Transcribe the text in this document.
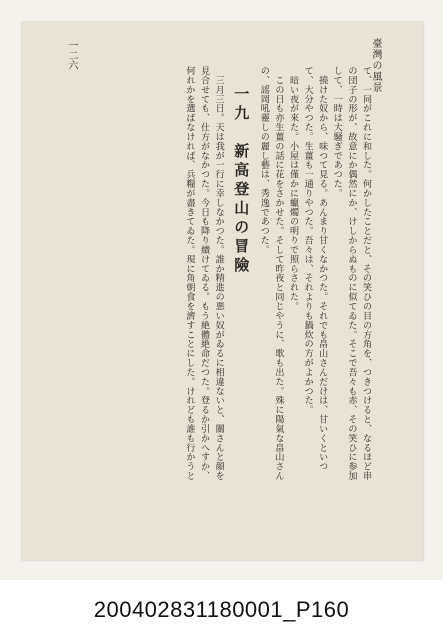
臺灣の風景
一二六
て、一同がこれに和した。何かしたことだと、その笑ひの目の方角を、つきつけると、なるほど串
の団子の形が、故意にか偶然にか、けしからぬものに似てゐた。そこで吾々も赤、その笑ひに参加
して、一時は大騒ぎであつた。
　撓けた奴から、味つて見る。あんまり甘くなかつた。それでも畠山さんだけは、甘いくといつ
て、大分やつた。生薑も一通りやつた。吾々は、それよりも鍋炊の方がよかつた。
　暗い夜が來た。小屋は僅かに蠟燭の明りで照らされた。
　この日も亦生薑の話に花をさかせた。そして昨夜と同じやうに、歌も出た。殊に陽氣な畠山さん
の、謡岡吼靈しの麗し藝は、秀逸であつた。
一九　新高登山の冒險
　三月三日。天は我が一行に幸しなかつた。誰か精進の悪い奴がゐるに相違ないと、關さんと顔を
見合せても、仕方がなかつた。今日も降り續けてゐる。もう絶體絶命だつた。登るか引かへすか、
何れかを選ばなければ、兵糧が盡きてゐた。現に角朝食を濟すことにした。けれども誰も行かうと
200402831180001_P160
